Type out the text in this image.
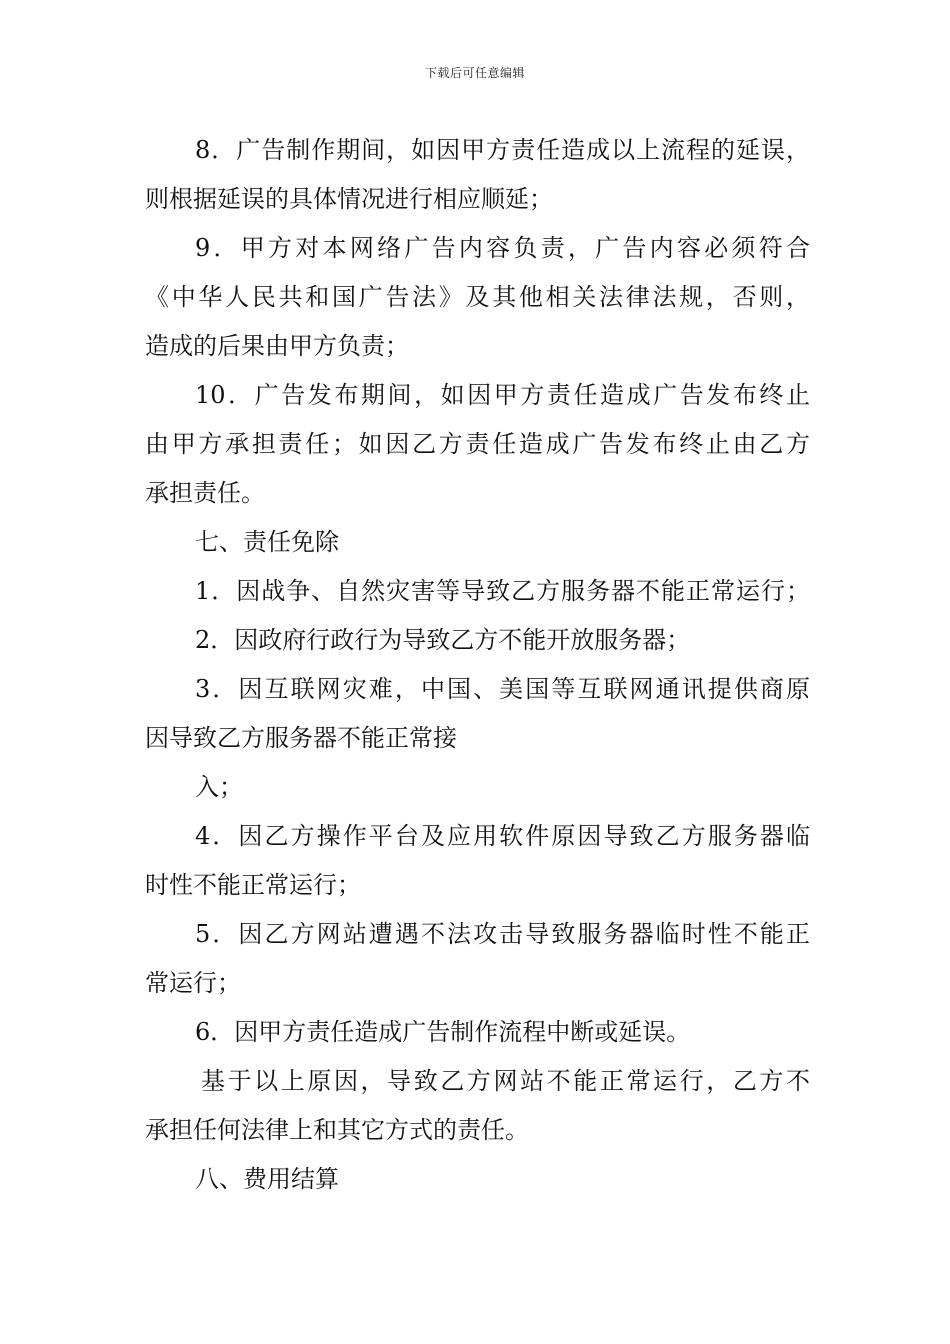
下载后可任意编辑
8．广告制作期间，如因甲方责任造成以上流程的延误，
则根据延误的具体情况进行相应顺延；
9．甲方对本网络广告内容负责，广告内容必须符合
《中华人民共和国广告法》及其他相关法律法规，否则，
造成的后果由甲方负责；
10．广告发布期间，如因甲方责任造成广告发布终止
由甲方承担责任；如因乙方责任造成广告发布终止由乙方
承担责任。
七、责任免除
1．因战争、自然灾害等导致乙方服务器不能正常运行；
2．因政府行政行为导致乙方不能开放服务器；
3．因互联网灾难，中国、美国等互联网通讯提供商原
因导致乙方服务器不能正常接
入；
4．因乙方操作平台及应用软件原因导致乙方服务器临
时性不能正常运行；
5．因乙方网站遭遇不法攻击导致服务器临时性不能正
常运行；
6．因甲方责任造成广告制作流程中断或延误。
基于以上原因，导致乙方网站不能正常运行，乙方不
承担任何法律上和其它方式的责任。
八、费用结算
